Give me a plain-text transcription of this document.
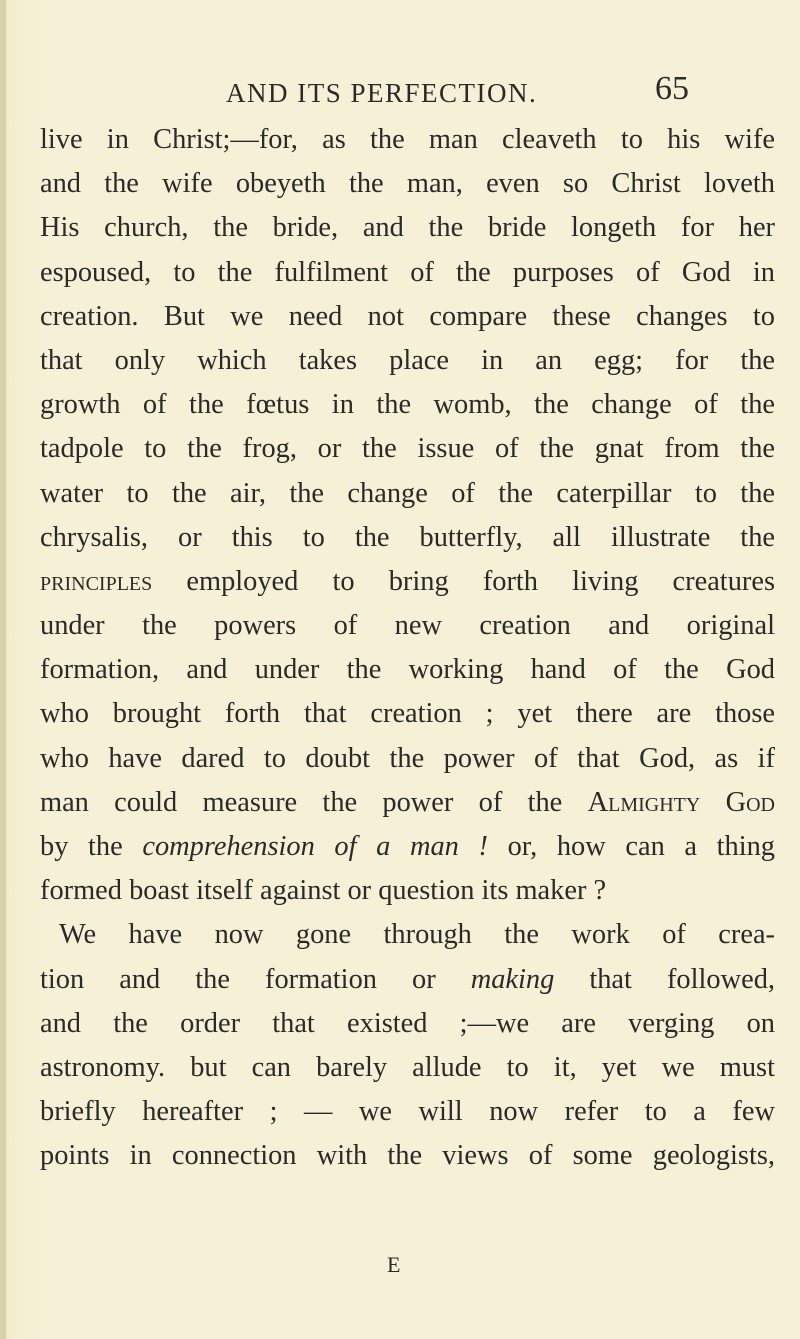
AND ITS PERFECTION.	65
live in Christ;—for, as the man cleaveth to his wife
and the wife obeyeth the man, even so Christ loveth
His church, the bride, and the bride longeth for her
espoused, to the fulfilment of the purposes of God in
creation. But we need not compare these changes to
that only which takes place in an egg; for the
growth of the fœtus in the womb, the change of the
tadpole to the frog, or the issue of the gnat from the
water to the air, the change of the caterpillar to the
chrysalis, or this to the butterfly, all illustrate the
principles employed to bring forth living creatures
under the powers of new creation and original
formation, and under the working hand of the God
who brought forth that creation ; yet there are those
who have dared to doubt the power of that God, as if
man could measure the power of the Almighty God
by the comprehension of a man ! or, how can a thing
formed boast itself against or question its maker ?
We have now gone through the work of crea-
tion and the formation or making that followed,
and the order that existed ;—we are verging on
astronomy. but can barely allude to it, yet we must
briefly hereafter ; — we will now refer to a few
points in connection with the views of some geologists,
E
